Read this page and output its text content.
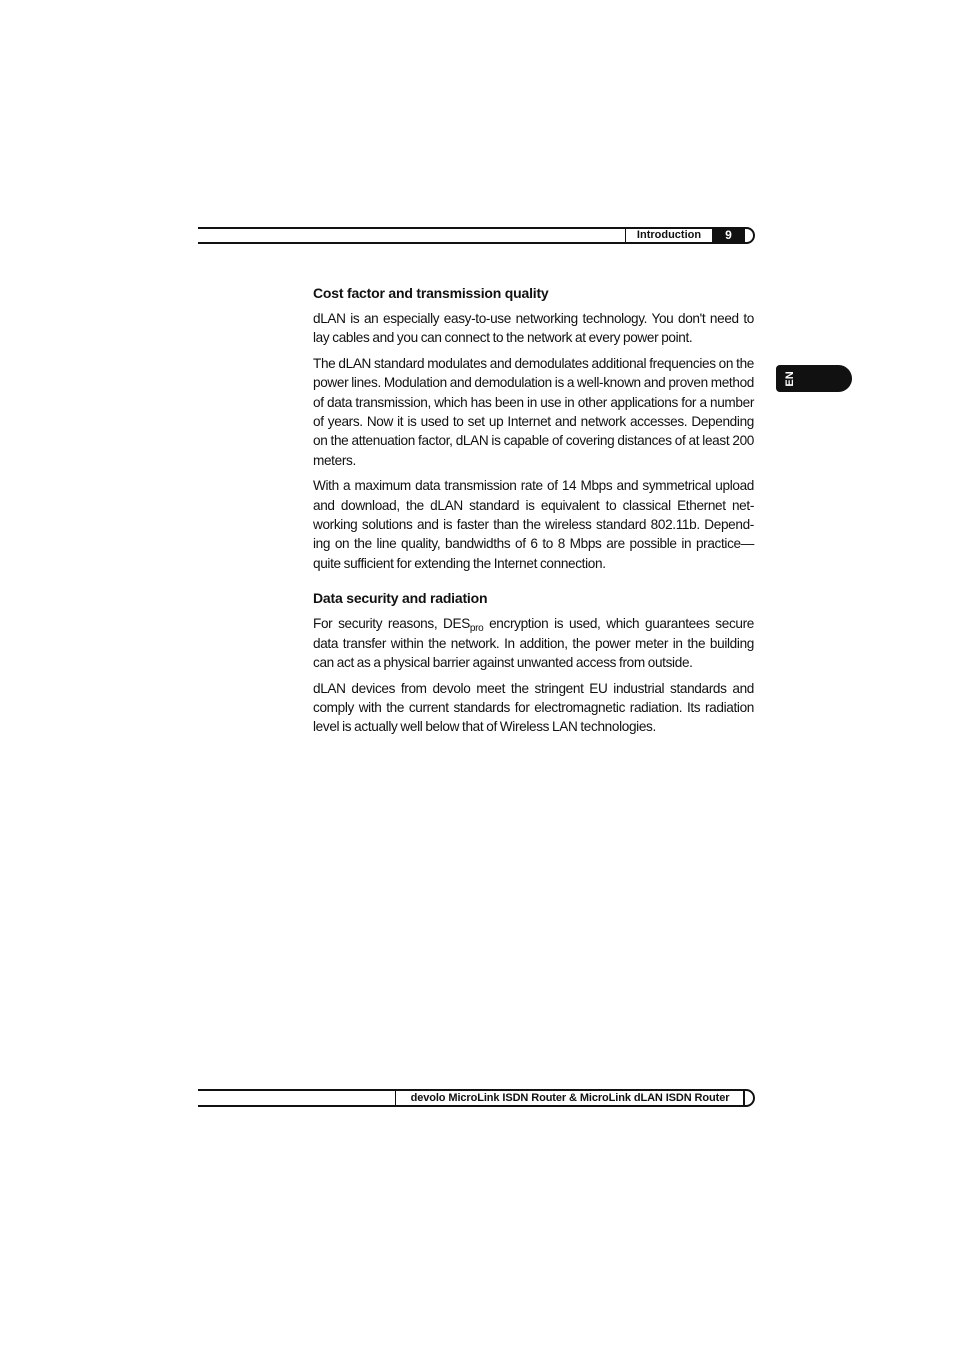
Introduction	9
EN
Cost factor and transmission quality

dLAN is an especially easy-to-use networking technology. You don't need to lay cables and you can connect to the network at every power point.

The dLAN standard modulates and demodulates additional frequencies on the power lines. Modulation and demodulation is a well-known and proven method of data transmission, which has been in use in other applications for a number of years. Now it is used to set up Internet and network accesses. Depending on the attenuation factor, dLAN is capable of covering distances of at least 200 meters.

With a maximum data transmission rate of 14 Mbps and symmetrical upload and download, the dLAN standard is equivalent to classical Ethernet net-working solutions and is faster than the wireless standard 802.11b. Depend-ing on the line quality, bandwidths of 6 to 8 Mbps are possible in practice—quite sufficient for extending the Internet connection.

Data security and radiation

For security reasons, $DES_{pro}$ encryption is used, which guarantees secure data transfer within the network. In addition, the power meter in the building can act as a physical barrier against unwanted access from outside.

dLAN devices from devolo meet the stringent EU industrial standards and comply with the current standards for electromagnetic radiation. Its radiation level is actually well below that of Wireless LAN technologies.

devolo MicroLink ISDN Router & MicroLink dLAN ISDN Router
